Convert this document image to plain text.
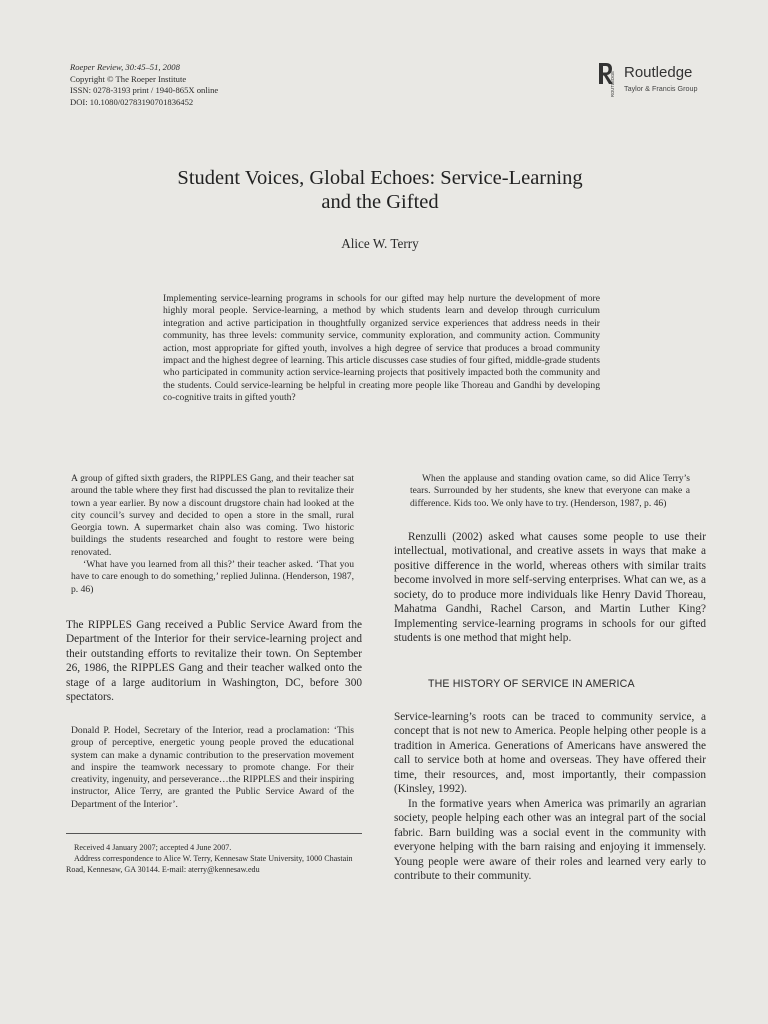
Roeper Review, 30:45–51, 2008
Copyright © The Roeper Institute
ISSN: 0278-3193 print / 1940-865X online
DOI: 10.1080/02783190701836452
ROUTLEDGE Routledge
Taylor & Francis Group
Student Voices, Global Echoes: Service-Learning
and the Gifted
Alice W. Terry

Implementing service-learning programs in schools for our gifted may help nurture the development of more highly moral people. Service-learning, a method by which students learn and develop through curriculum integration and active participation in thoughtfully organized service experiences that address needs in their community, has three levels: community service, community exploration, and community action. Community action, most appropriate for gifted youth, involves a high degree of service that produces a broad community impact and the highest degree of learning. This article discusses case studies of four gifted, middle-grade students who participated in community action service-learning projects that positively impacted both the community and the students. Could service-learning be helpful in creating more people like Thoreau and Gandhi by developing co-cognitive traits in gifted youth?

A group of gifted sixth graders, the RIPPLES Gang, and their teacher sat around the table where they first had discussed the plan to revitalize their town a year earlier. By now a discount drugstore chain had looked at the city council’s survey and decided to open a store in the small, rural Georgia town. A supermarket chain also was coming. Two historic buildings the students researched and fought to restore were being renovated.

‘What have you learned from all this?’ their teacher asked. ‘That you have to care enough to do something,’ replied Julinna. (Henderson, 1987, p. 46)

The RIPPLES Gang received a Public Service Award from the Department of the Interior for their service-learning project and their outstanding efforts to revitalize their town. On September 26, 1986, the RIPPLES Gang and their teacher walked onto the stage of a large auditorium in Washington, DC, before 300 spectators.

Donald P. Hodel, Secretary of the Interior, read a proclamation: ‘This group of perceptive, energetic young people proved the educational system can make a dynamic contribution to the preservation movement and inspire the teamwork necessary to promote change. For their creativity, ingenuity, and perseverance…the RIPPLES and their inspiring instructor, Alice Terry, are granted the Public Service Award of the Department of the Interior’.

Received 4 January 2007; accepted 4 June 2007.

Address correspondence to Alice W. Terry, Kennesaw State University, 1000 Chastain Road, Kennesaw, GA 30144. E-mail: aterry@kennesaw.edu

When the applause and standing ovation came, so did Alice Terry’s tears. Surrounded by her students, she knew that everyone can make a difference. Kids too. We only have to try. (Henderson, 1987, p. 46)

Renzulli (2002) asked what causes some people to use their intellectual, motivational, and creative assets in ways that make a positive difference in the world, whereas others with similar traits become involved in more self-serving enterprises. What can we, as a society, do to produce more individuals like Henry David Thoreau, Mahatma Gandhi, Rachel Carson, and Martin Luther King? Implementing service-learning programs in schools for our gifted students is one method that might help.

THE HISTORY OF SERVICE IN AMERICA

Service-learning’s roots can be traced to community service, a concept that is not new to America. People helping other people is a tradition in America. Generations of Americans have answered the call to service both at home and overseas. They have offered their time, their resources, and, most importantly, their compassion (Kinsley, 1992).

In the formative years when America was primarily an agrarian society, people helping each other was an integral part of the social fabric. Barn building was a social event in the community with everyone helping with the barn raising and enjoying it immensely. Young people were aware of their roles and learned very early to contribute to their community.
